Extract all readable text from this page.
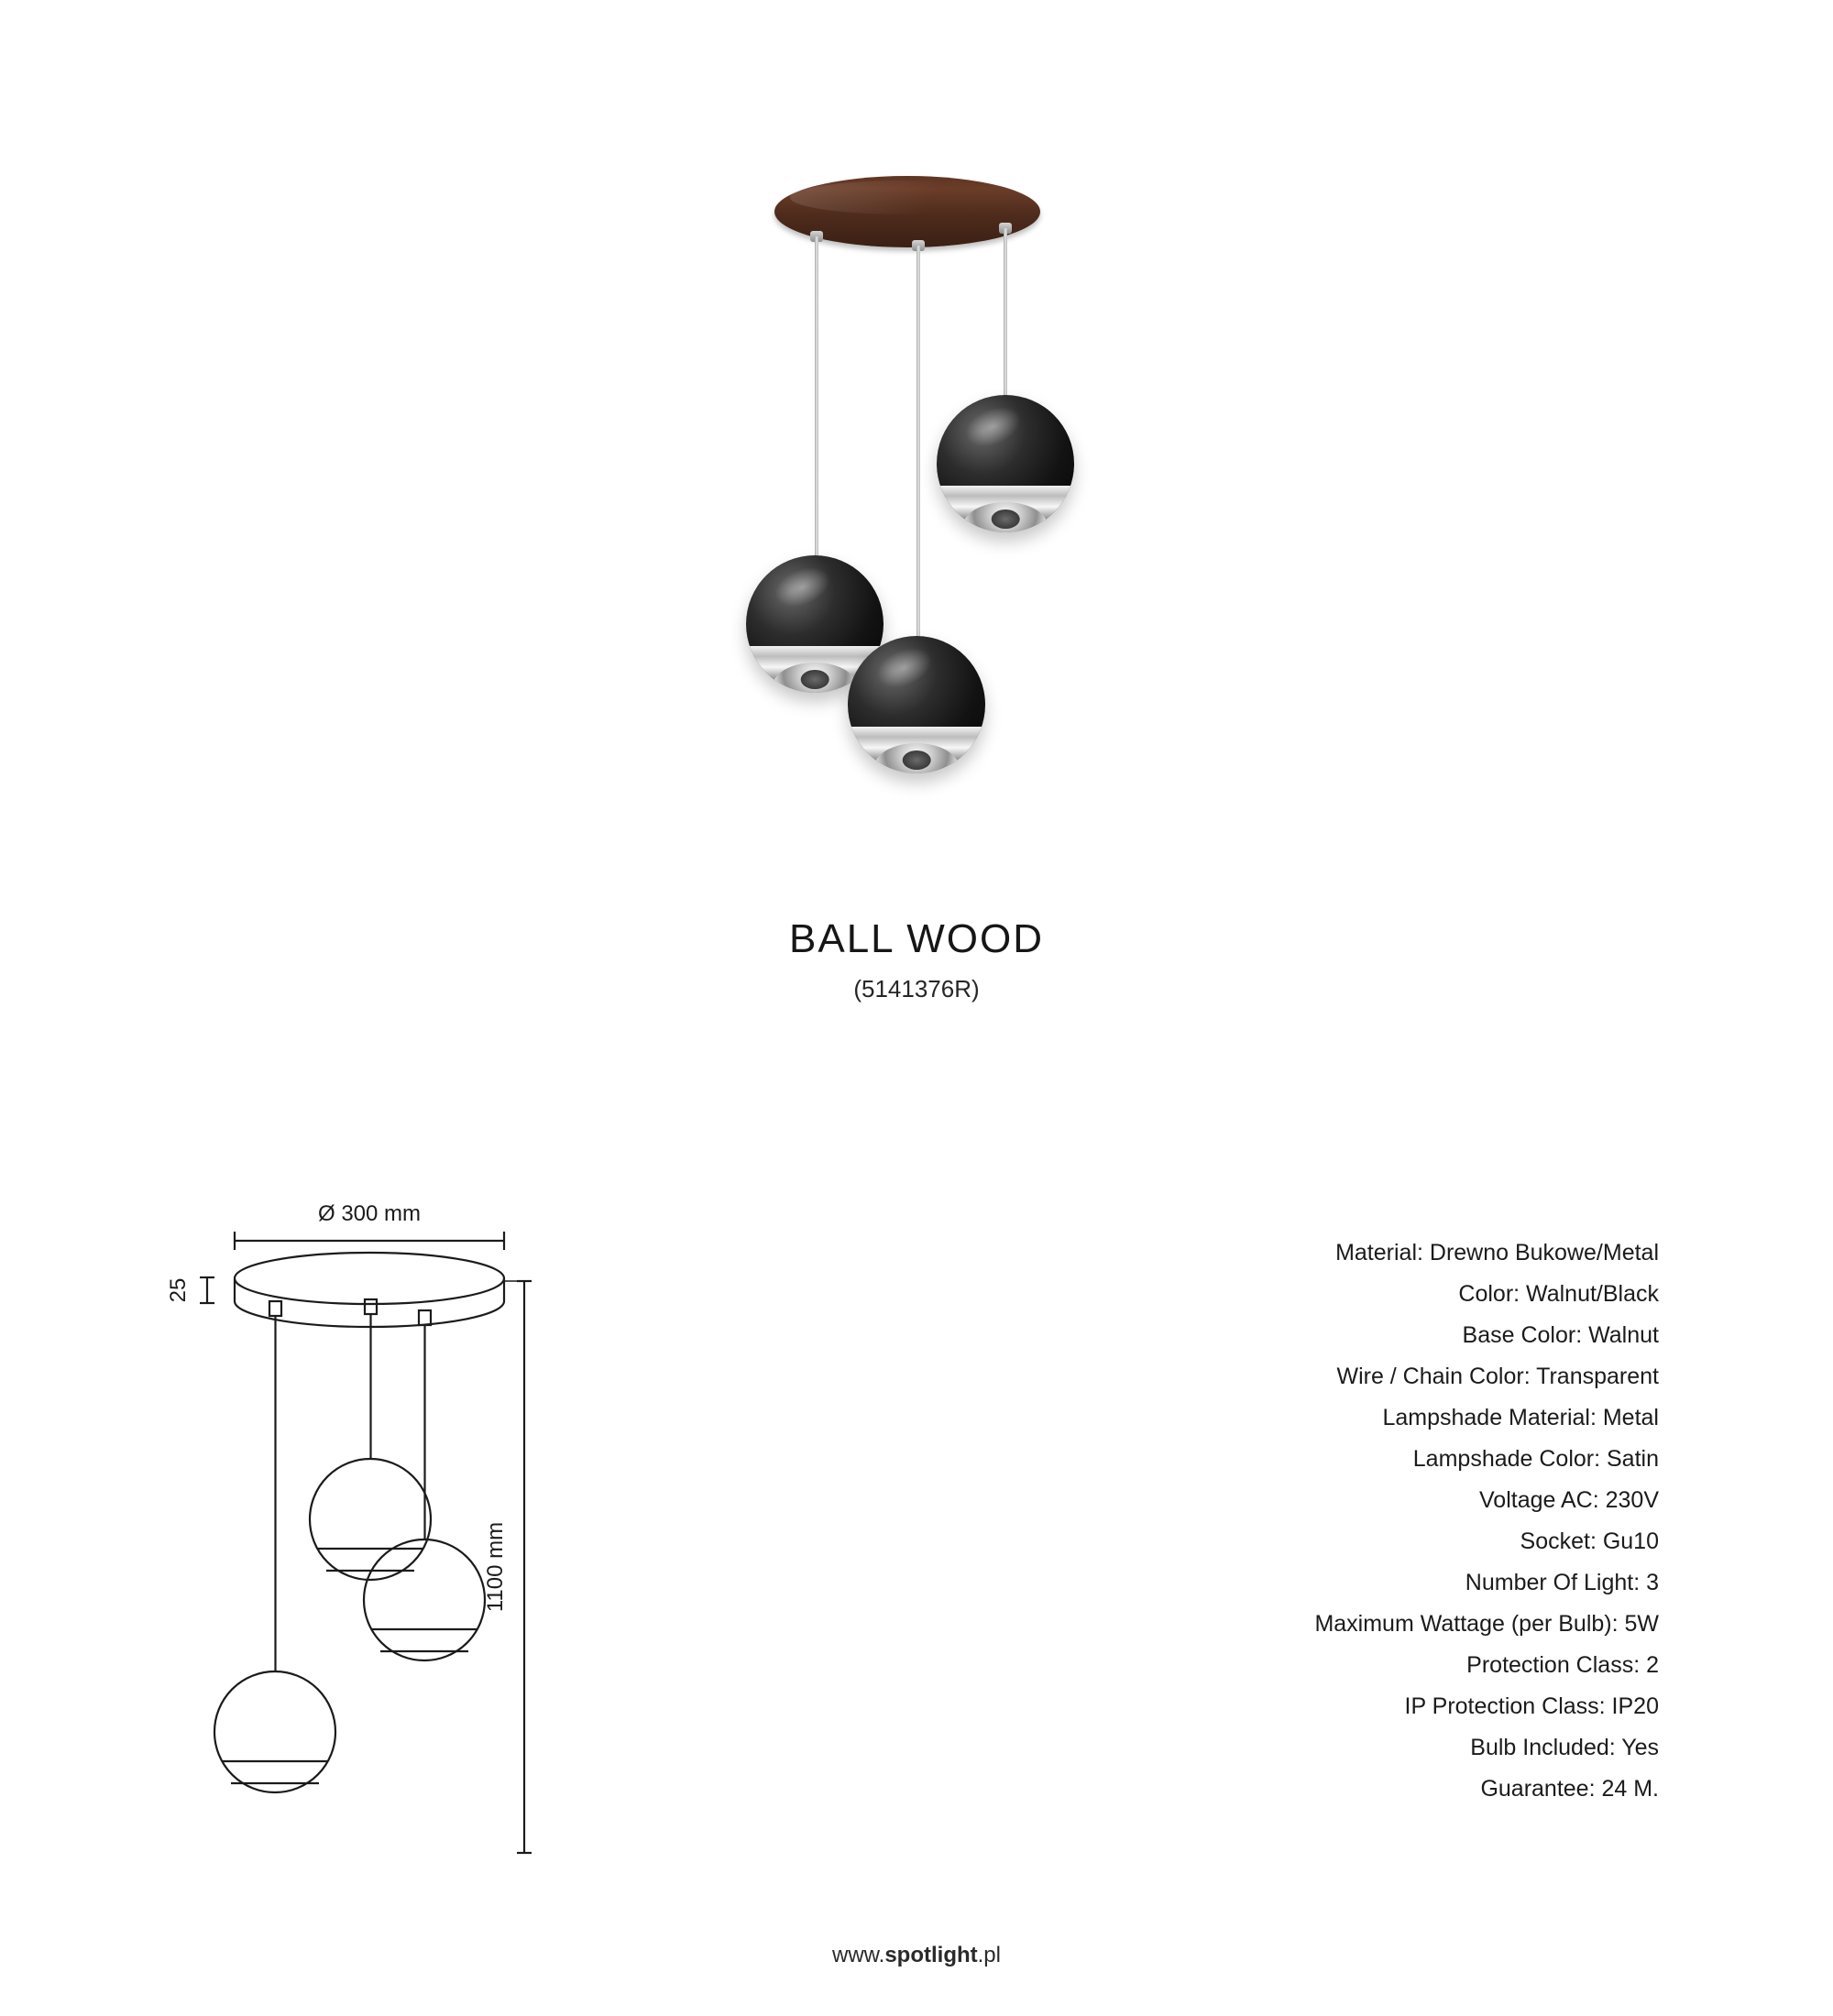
BALL WOOD
(5141376R)
Ø 300 mm
25
1100 mm
Material: Drewno Bukowe/Metal
Color: Walnut/Black
Base Color: Walnut
Wire / Chain Color: Transparent
Lampshade Material: Metal
Lampshade Color: Satin
Voltage AC: 230V
Socket: Gu10
Number Of Light: 3
Maximum Wattage (per Bulb): 5W
Protection Class: 2
IP Protection Class: IP20
Bulb Included: Yes
Guarantee: 24 M.
www.spotlight.pl
